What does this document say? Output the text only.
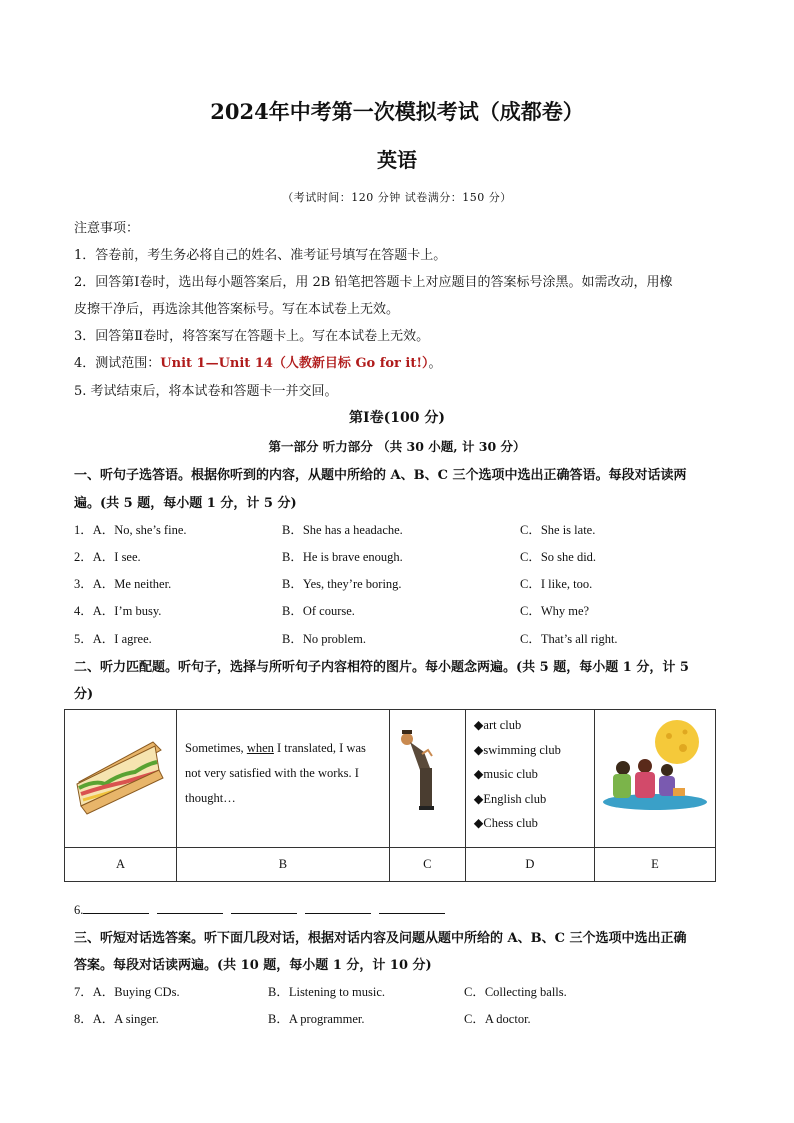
2024年中考第一次模拟考试（成都卷）
英语
（考试时间：120 分钟 试卷满分：150 分）
注意事项：
1．答卷前，考生务必将自己的姓名、准考证号填写在答题卡上。
2．回答第Ⅰ卷时，选出每小题答案后，用 2B 铅笔把答题卡上对应题目的答案标号涂黑。如需改动，用橡
皮擦干净后，再选涂其他答案标号。写在本试卷上无效。
3．回答第Ⅱ卷时，将答案写在答题卡上。写在本试卷上无效。
4．测试范围：Unit 1—Unit 14（人教新目标 Go for it!）。
5. 考试结束后，将本试卷和答题卡一并交回。
第Ⅰ卷(100 分)
第一部分 听力部分 （共 30 小题, 计 30 分）
一、听句子选答语。根据你听到的内容，从题中所给的 A、B、C 三个选项中选出正确答语。每段对话读两
遍。(共 5 题，每小题 1 分，计 5 分)
1．A．No, she’s fine.	B．She has a headache.	C．She is late.
2．A．I see.	B．He is brave enough.	C．So she did.
3．A．Me neither.	B．Yes, they’re boring.	C．I like, too.
4．A．I’m busy.	B．Of course.	C．Why me?
5．A．I agree.	B．No problem.	C．That’s all right.
二、听力匹配题。听句子，选择与所听句子内容相符的图片。每小题念两遍。(共 5 题，每小题 1 分，计 5
分)
	Sometimes, when I translated, I was not very satisfied with the works. I thought…		◆art club
◆swimming club
◆music club
◆English club
◆Chess club

A	B	C	D	E
6.
三、听短对话选答案。听下面几段对话，根据对话内容及问题从题中所给的 A、B、C 三个选项中选出正确
答案。每段对话读两遍。(共 10 题，每小题 1 分，计 10 分)
7．A．Buying CDs.	B．Listening to music.	C．Collecting balls.
8．A．A singer.	B．A programmer.	C．A doctor.
